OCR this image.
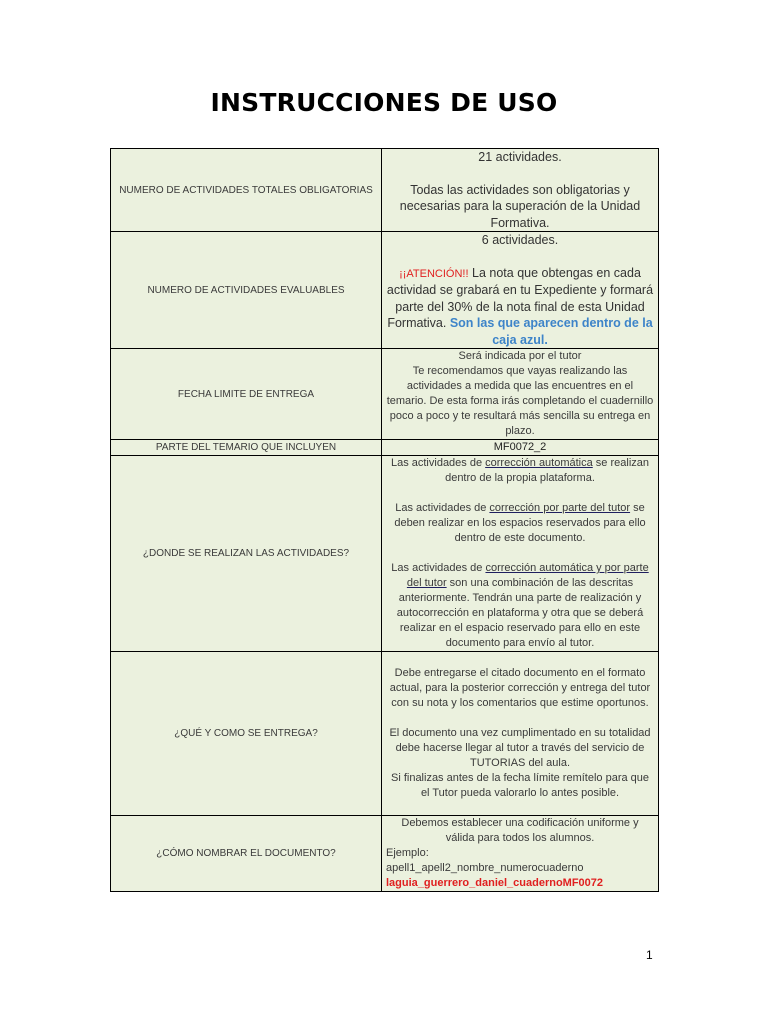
INSTRUCCIONES DE USO
NUMERO DE ACTIVIDADES TOTALES OBLIGATORIAS	21 actividades.
Todas las actividades son obligatorias y necesarias para la superación de la Unidad Formativa.

NUMERO DE ACTIVIDADES EVALUABLES	6 actividades.
¡¡ATENCIÓN!! La nota que obtengas en cada actividad se grabará en tu Expediente y formará parte del 30% de la nota final de esta Unidad Formativa. Son las que aparecen dentro de la caja azul.

FECHA LIMITE DE ENTREGA	Será indicada por el tutor
Te recomendamos que vayas realizando las actividades a medida que las encuentres en el temario. De esta forma irás completando el cuadernillo poco a poco y te resultará más sencilla su entrega en plazo.

PARTE DEL TEMARIO QUE INCLUYEN	MF0072_2
¿DONDE SE REALIZAN LAS ACTIVIDADES?	Las actividades de corrección automática se realizan dentro de la propia plataforma.
Las actividades de corrección por parte del tutor se deben realizar en los espacios reservados para ello dentro de este documento.
Las actividades de corrección automática y por parte del tutor son una combinación de las descritas anteriormente. Tendrán una parte de realización y autocorrección en plataforma y otra que se deberá realizar en el espacio reservado para ello en este documento para envío al tutor.

¿QUÉ Y COMO SE ENTREGA?	Debe entregarse el citado documento en el formato actual, para la posterior corrección y entrega del tutor con su nota y los comentarios que estime oportunos.
El documento una vez cumplimentado en su totalidad debe hacerse llegar al tutor a través del servicio de TUTORIAS del aula.
Si finalizas antes de la fecha límite remítelo para que el Tutor pueda valorarlo lo antes posible.

¿CÓMO NOMBRAR EL DOCUMENTO?	Debemos establecer una codificación uniforme y válida para todos los alumnos.
Ejemplo:
apell1_apell2_nombre_numerocuaderno
laguia_guerrero_daniel_cuadernoMF0072
1
